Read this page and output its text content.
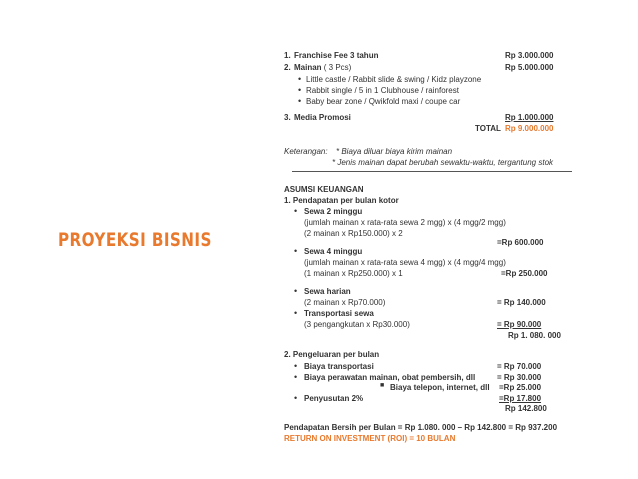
PROYEKSI BISNIS
1. Franchise Fee 3 tahun	Rp 3.000.000
2. Mainan ( 3 Pcs)	Rp 5.000.000
• Little castle / Rabbit slide & swing / Kidz playzone
• Rabbit single / 5 in 1 Clubhouse / rainforest
• Baby bear zone / Qwikfold maxi / coupe car
3. Media Promosi	Rp 1.000.000
TOTAL Rp 9.000.000
Keterangan: * Biaya diluar biaya kirim mainan
* Jenis mainan dapat berubah sewaktu-waktu, tergantung stok
ASUMSI KEUANGAN
1. Pendapatan per bulan kotor
• Sewa 2 minggu
(jumlah mainan x rata-rata sewa 2 mgg) x (4 mgg/2 mgg)
(2 mainan x Rp150.000) x 2
=Rp 600.000
• Sewa 4 minggu
(jumlah mainan x rata-rata sewa 4 mgg) x (4 mgg/4 mgg)
(1 mainan x Rp250.000) x 1	=Rp 250.000
• Sewa harian
(2 mainan x Rp70.000)	= Rp 140.000
• Transportasi sewa
(3 pengangkutan x Rp30.000)	= Rp 90.000
Rp 1. 080. 000
2. Pengeluaran per bulan
• Biaya transportasi	= Rp 70.000
• Biaya perawatan mainan, obat pembersih, dll	= Rp 30.000
■ Biaya telepon, internet, dll =Rp 25.000
• Penyusutan 2%	=Rp 17.800
Rp 142.800
Pendapatan Bersih per Bulan = Rp 1.080. 000 – Rp 142.800 = Rp 937.200
RETURN ON INVESTMENT (ROI) = 10 BULAN
